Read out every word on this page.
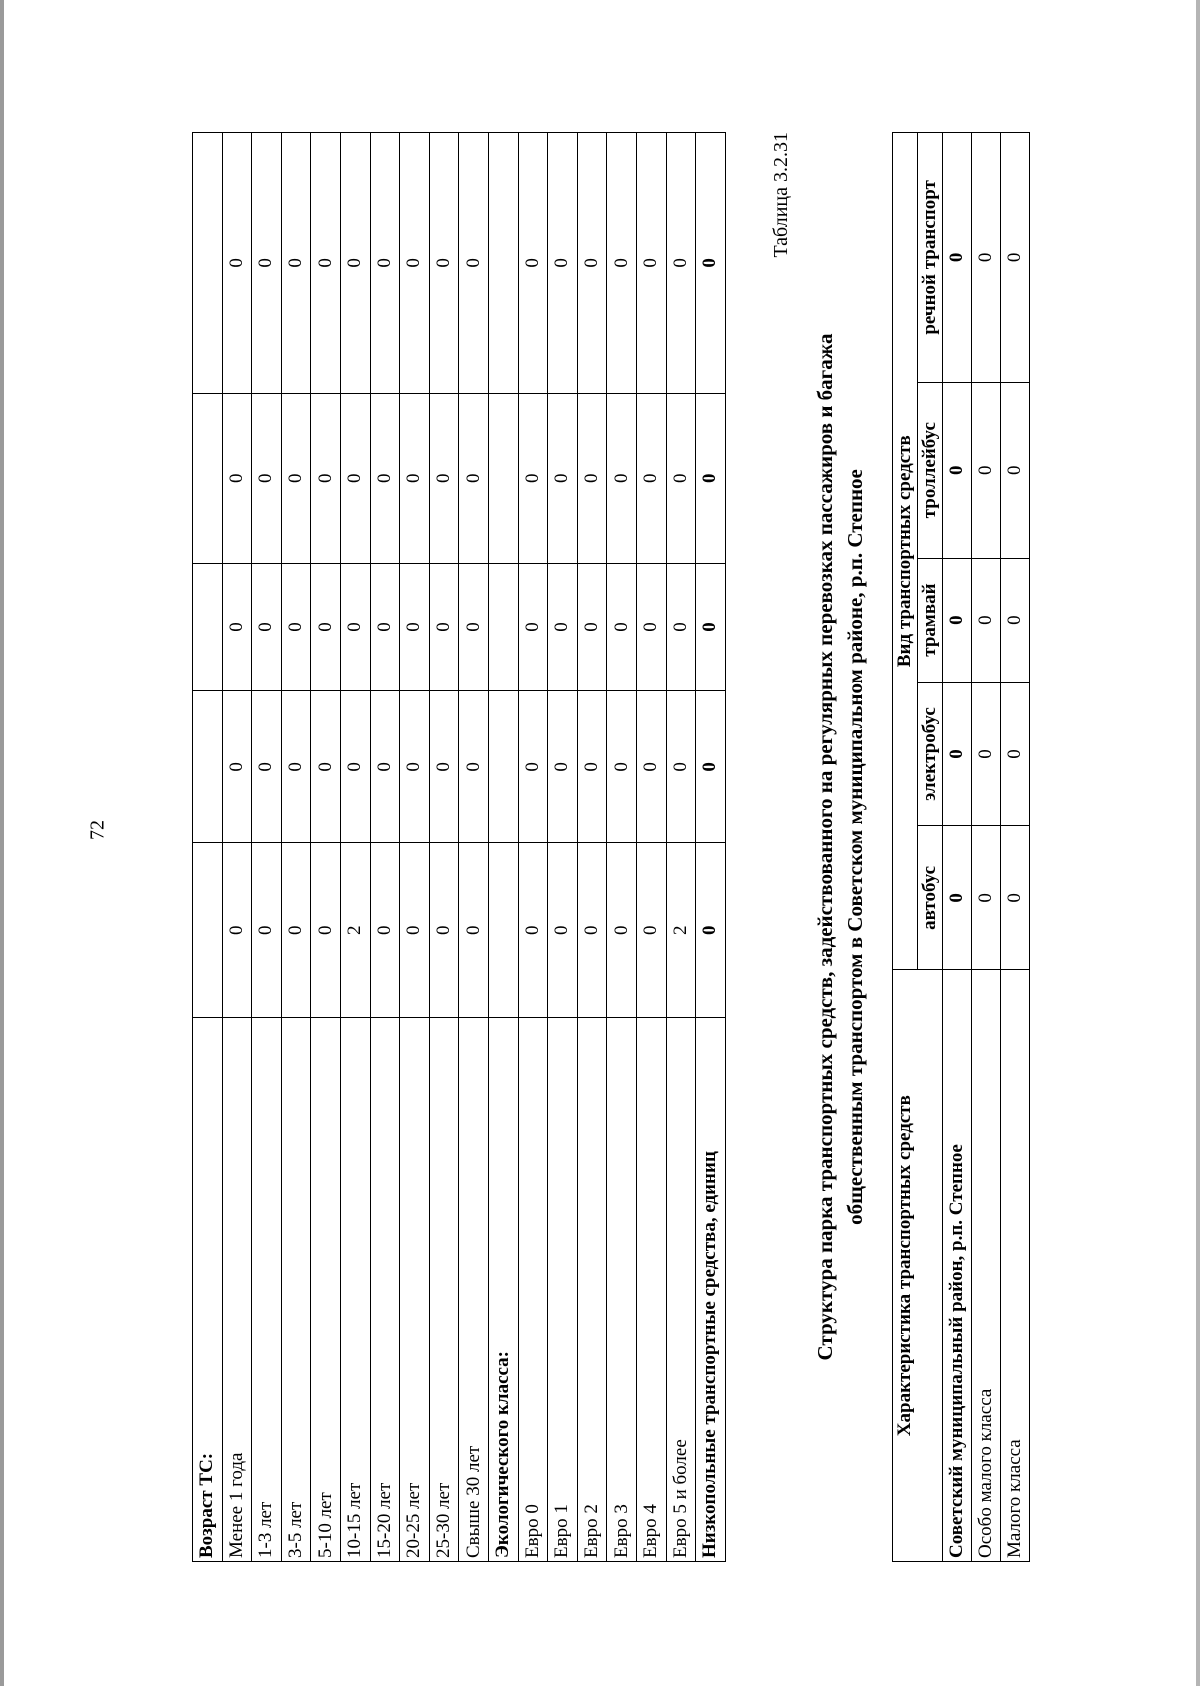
72
Возраст ТС:					
Менее 1 года	0	0	0	0	0
1-3 лет	0	0	0	0	0
3-5 лет	0	0	0	0	0
5-10 лет	0	0	0	0	0
10-15 лет	2	0	0	0	0
15-20 лет	0	0	0	0	0
20-25 лет	0	0	0	0	0
25-30 лет	0	0	0	0	0
Свыше 30 лет	0	0	0	0	0
Экологического класса:					
Евро 0	0	0	0	0	0
Евро 1	0	0	0	0	0
Евро 2	0	0	0	0	0
Евро 3	0	0	0	0	0
Евро 4	0	0	0	0	0
Евро 5 и более	2	0	0	0	0
Низкопольные транспортные средства, единиц	0	0	0	0	0
Таблица 3.2.31
Структура парка транспортных средств, задействованного на регулярных перевозках пассажиров и багажа общественным транспортом в Советском муниципальном районе, р.п. Степное
Характеристика транспортных средств	Вид транспортных средств				
	автобус	электробус	трамвай	троллейбус	речной транспорт
Советский муниципальный район, р.п. Степное	0	0	0	0	0
Особо малого класса	0	0	0	0	0
Малого класса	0	0	0	0	0
